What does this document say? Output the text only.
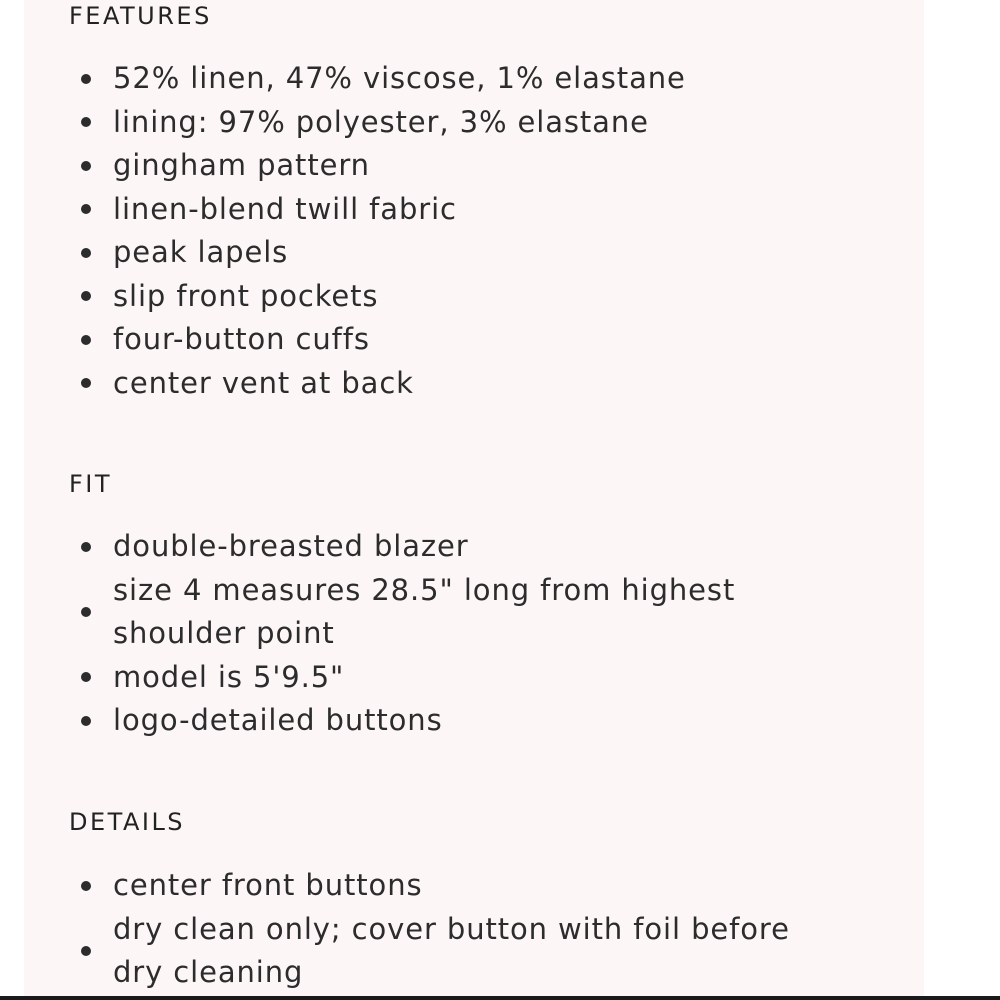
FEATURES
52% linen, 47% viscose, 1% elastane
lining: 97% polyester, 3% elastane
gingham pattern
linen-blend twill fabric
peak lapels
slip front pockets
four-button cuffs
center vent at back
FIT
double-breasted blazer
size 4 measures 28.5" long from highest shoulder point
model is 5'9.5"
logo-detailed buttons
DETAILS
center front buttons
dry clean only; cover button with foil before dry cleaning
